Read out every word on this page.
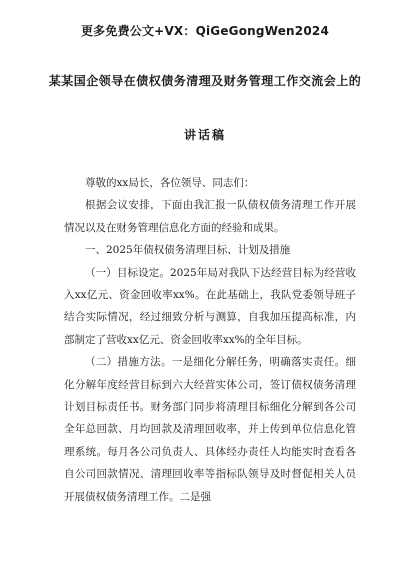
更多免费公文+VX：QiGeGongWen2024
某某国企领导在债权债务清理及财务管理工作交流会上的
讲话稿

尊敬的xx局长，各位领导、同志们：

根据会议安排，下面由我汇报一队债权债务清理工作开展情况以及在财务管理信息化方面的经验和成果。

一、2025年债权债务清理目标、计划及措施

（一）目标设定。2025年局对我队下达经营目标为经营收入xx亿元、资金回收率xx%。在此基础上，我队党委领导班子结合实际情况，经过细致分析与测算，自我加压提高标准，内部制定了营收xx亿元、资金回收率xx%的全年目标。

（二）措施方法。一是细化分解任务，明确落实责任。细化分解年度经营目标到六大经营实体公司，签订债权债务清理计划目标责任书。财务部门同步将清理目标细化分解到各公司全年总回款、月均回款及清理回收率，并上传到单位信息化管理系统。每月各公司负责人、具体经办责任人均能实时查看各自公司回款情况、清理回收率等指标队领导及时督促相关人员开展债权债务清理工作。二是强
